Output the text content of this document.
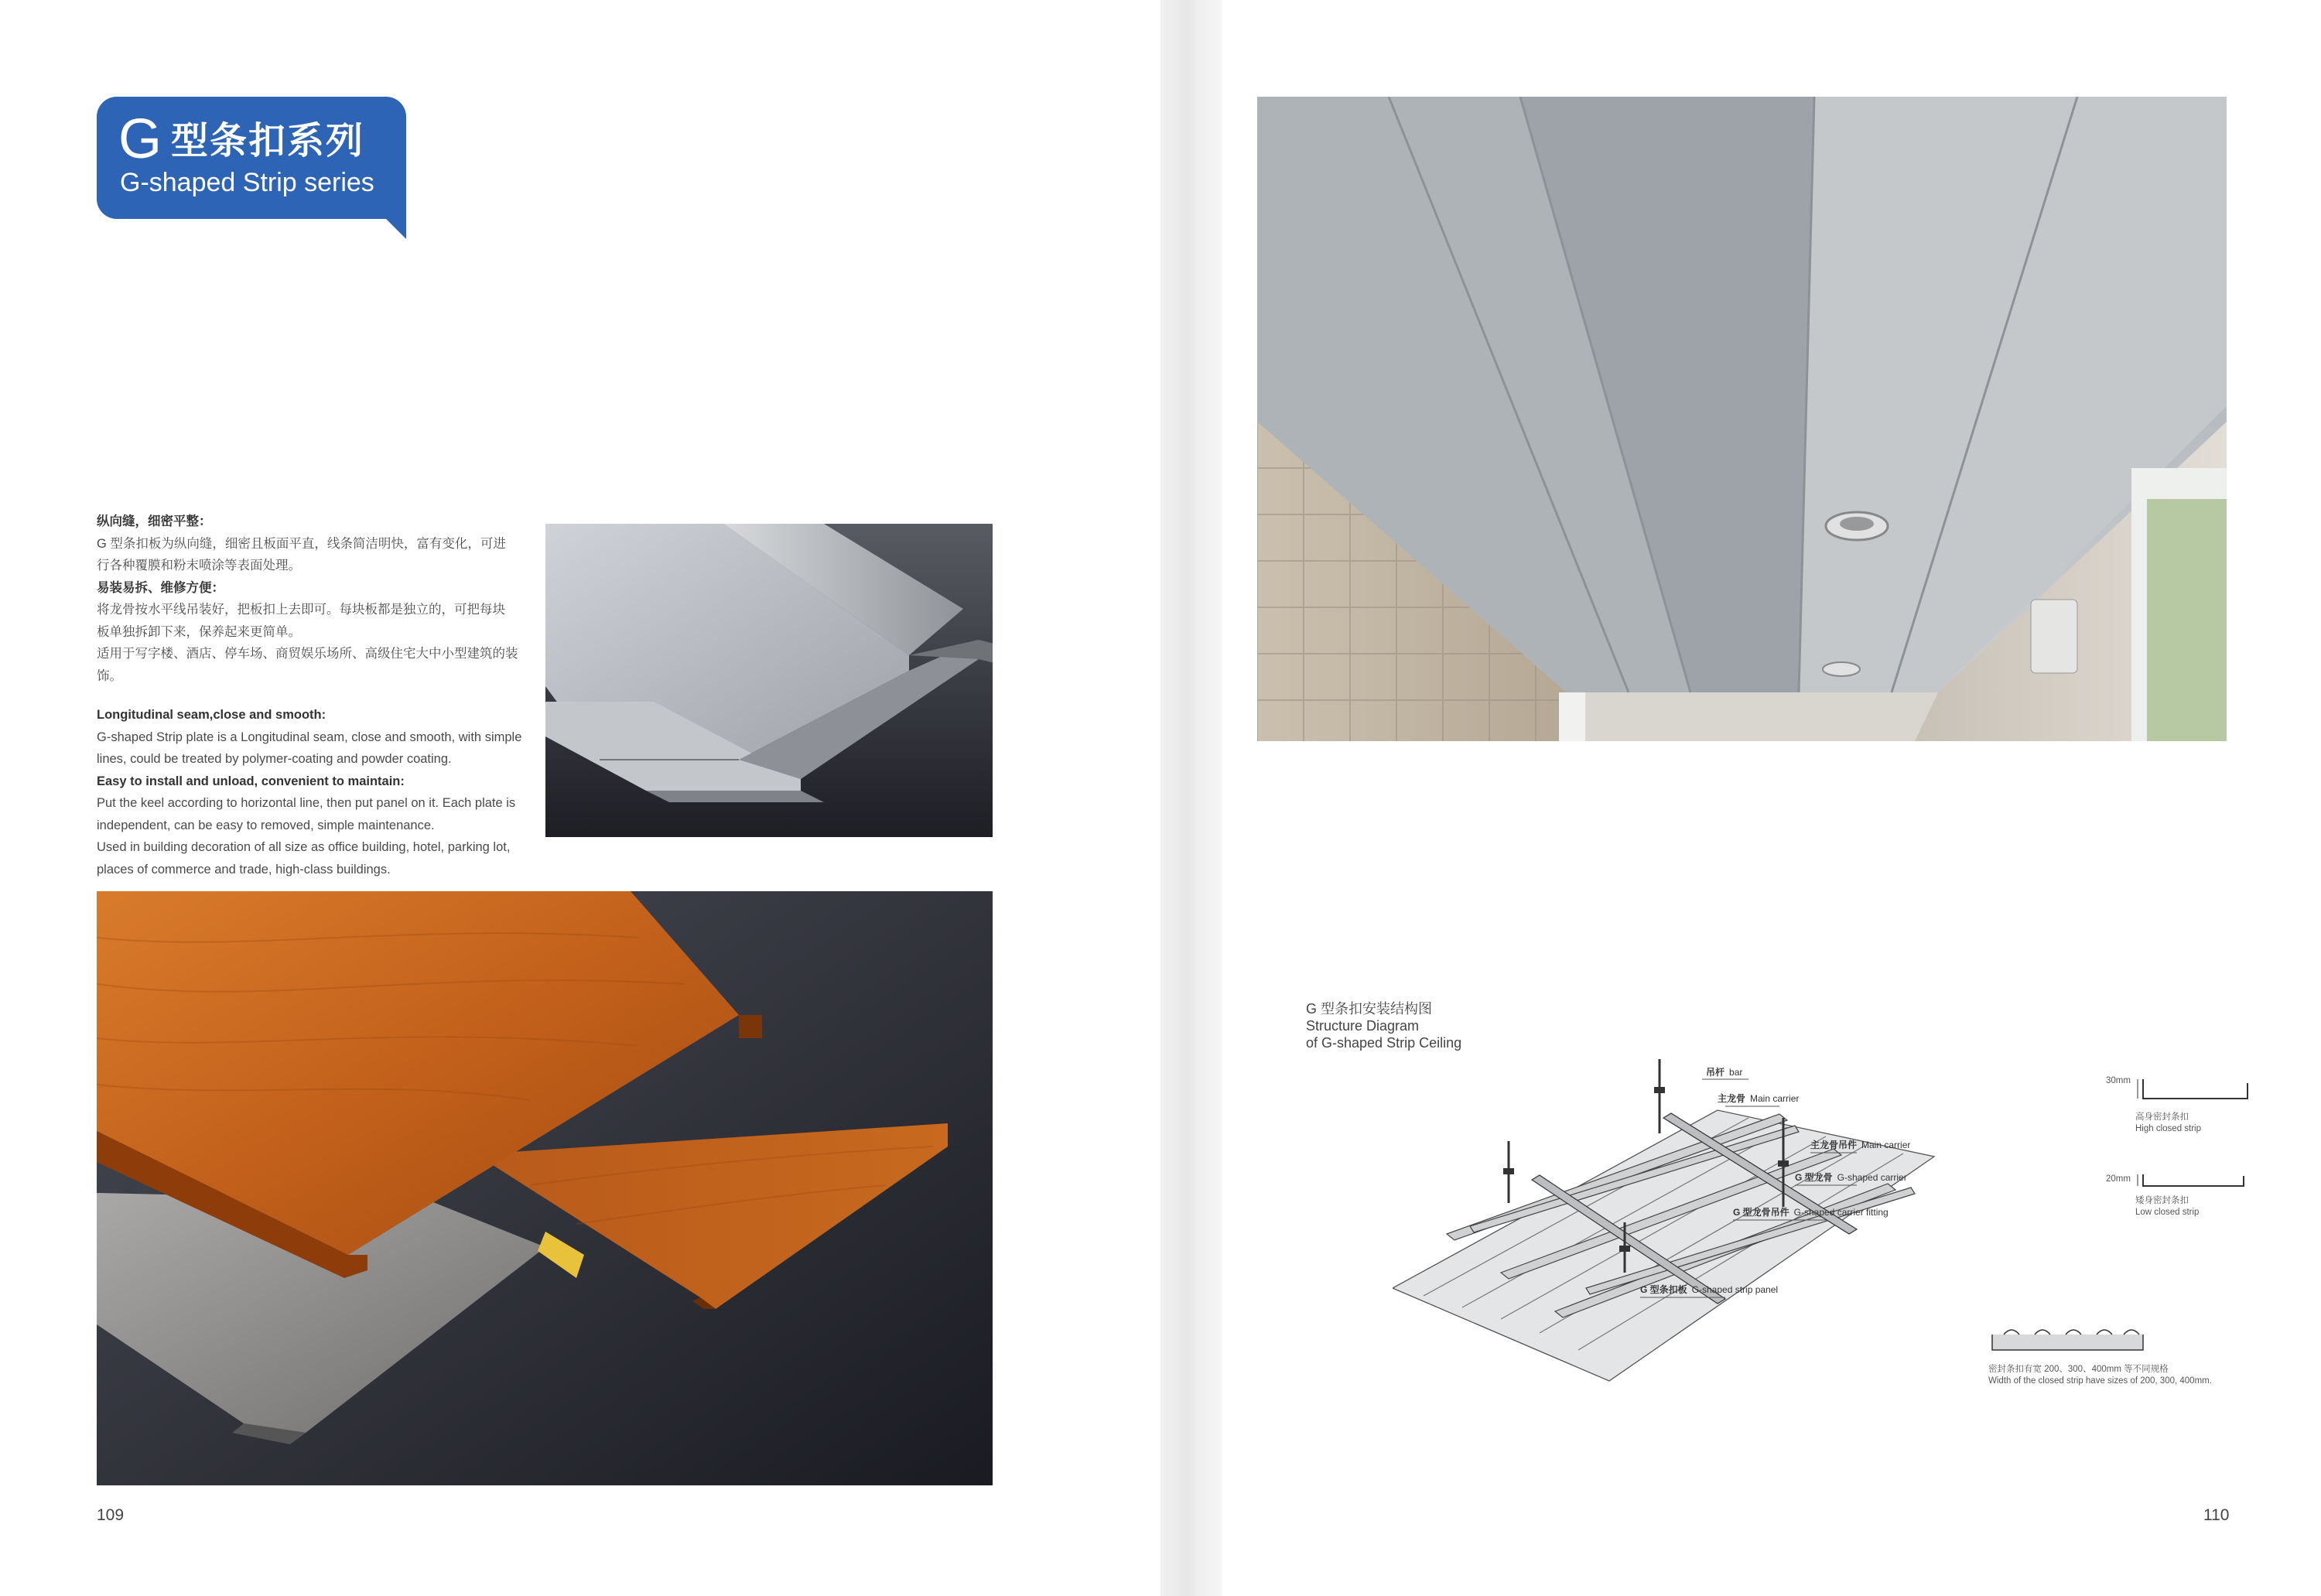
G型条扣系列
G-shaped Strip series

纵向缝，细密平整：

G 型条扣板为纵向缝，细密且板面平直，线条简洁明快，富有变化，可进

行各种覆膜和粉末喷涂等表面处理。

易装易拆、维修方便：

将龙骨按水平线吊装好，把板扣上去即可。每块板都是独立的，可把每块

板单独拆卸下来，保养起来更简单。

适用于写字楼、酒店、停车场、商贸娱乐场所、高级住宅大中小型建筑的装饰。

Longitudinal seam,close and smooth:

G-shaped Strip plate is a Longitudinal seam, close and smooth, with simple

lines, could be treated by polymer-coating and powder coating.

Easy to install and unload, convenient to maintain:

Put the keel according to horizontal line, then put panel on it. Each plate is

independent, can be easy to removed, simple maintenance.

Used in building decoration of all size as office building, hotel, parking lot,

places of commerce and trade, high-class buildings.

109	110
G 型条扣安装结构图
Structure Diagram
of G-shaped Strip Ceiling
吊杆 bar
主龙骨 Main carrier
主龙骨吊件 Main carrier
G 型龙骨 G-shaped carrier
G 型龙骨吊件 G-shaped carrier fitting
G 型条扣板 G-shaped strip panel
30mm
高身密封条扣
High closed strip
20mm
矮身密封条扣
Low closed strip
密封条扣有宽 200、300、400mm 等不同规格
Width of the closed strip have sizes of 200, 300, 400mm.
